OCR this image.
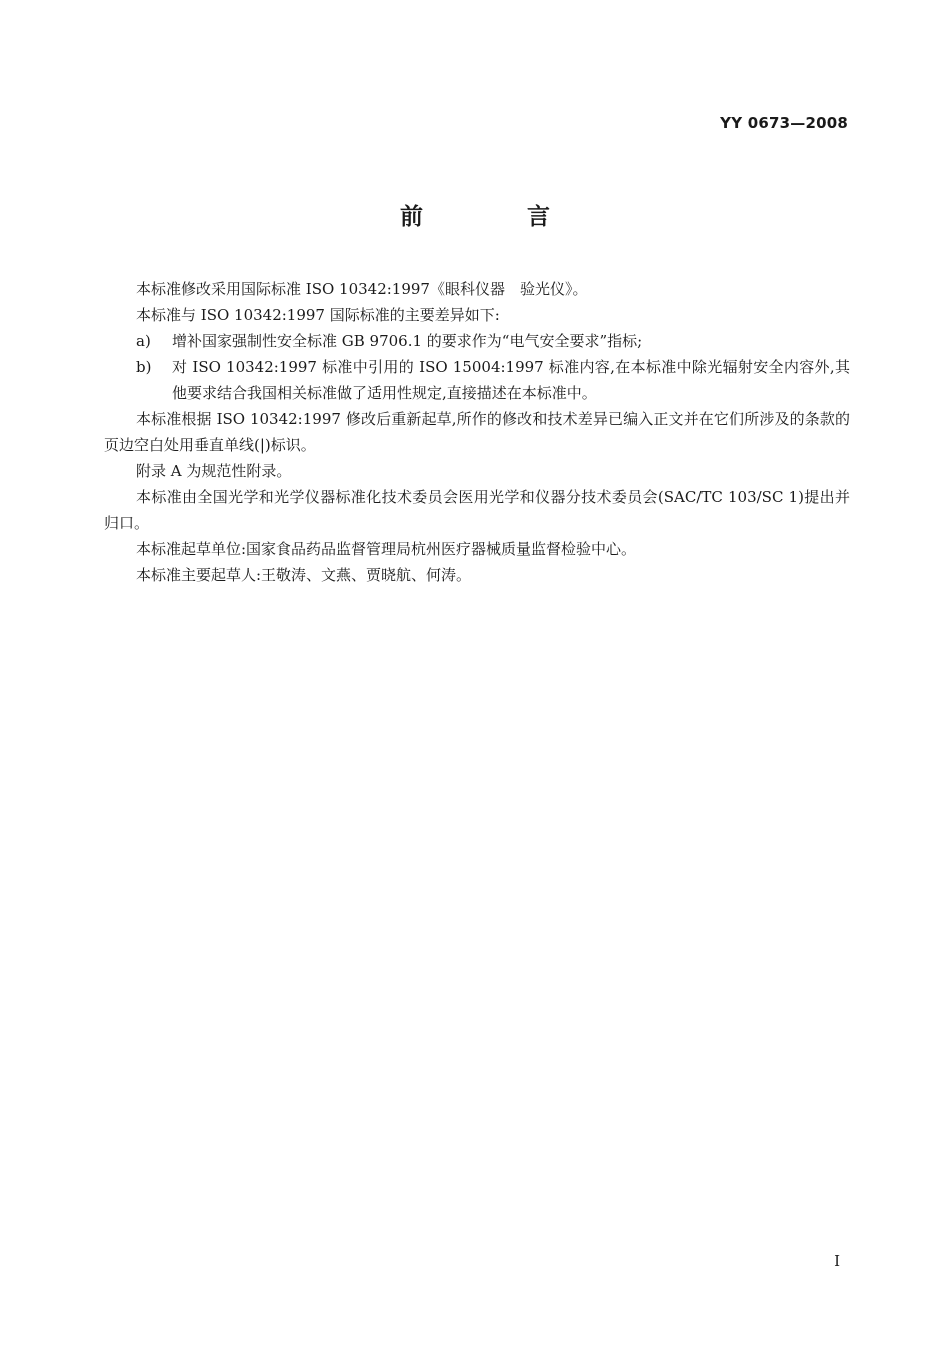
YY 0673—2008
前 言

本标准修改采用国际标准 ISO 10342:1997《眼科仪器　验光仪》。

本标准与 ISO 10342:1997 国际标准的主要差异如下:

a) 增补国家强制性安全标准 GB 9706.1 的要求作为“电气安全要求”指标;
b) 对 ISO 10342:1997 标准中引用的 ISO 15004:1997 标准内容,在本标准中除光辐射安全内容外,其他要求结合我国相关标准做了适用性规定,直接描述在本标准中。

本标准根据 ISO 10342:1997 修改后重新起草,所作的修改和技术差异已编入正文并在它们所涉及的条款的页边空白处用垂直单线(|)标识。

附录 A 为规范性附录。

本标准由全国光学和光学仪器标准化技术委员会医用光学和仪器分技术委员会(SAC/TC 103/SC 1)提出并归口。

本标准起草单位:国家食品药品监督管理局杭州医疗器械质量监督检验中心。

本标准主要起草人:王敬涛、文燕、贾晓航、何涛。

I
